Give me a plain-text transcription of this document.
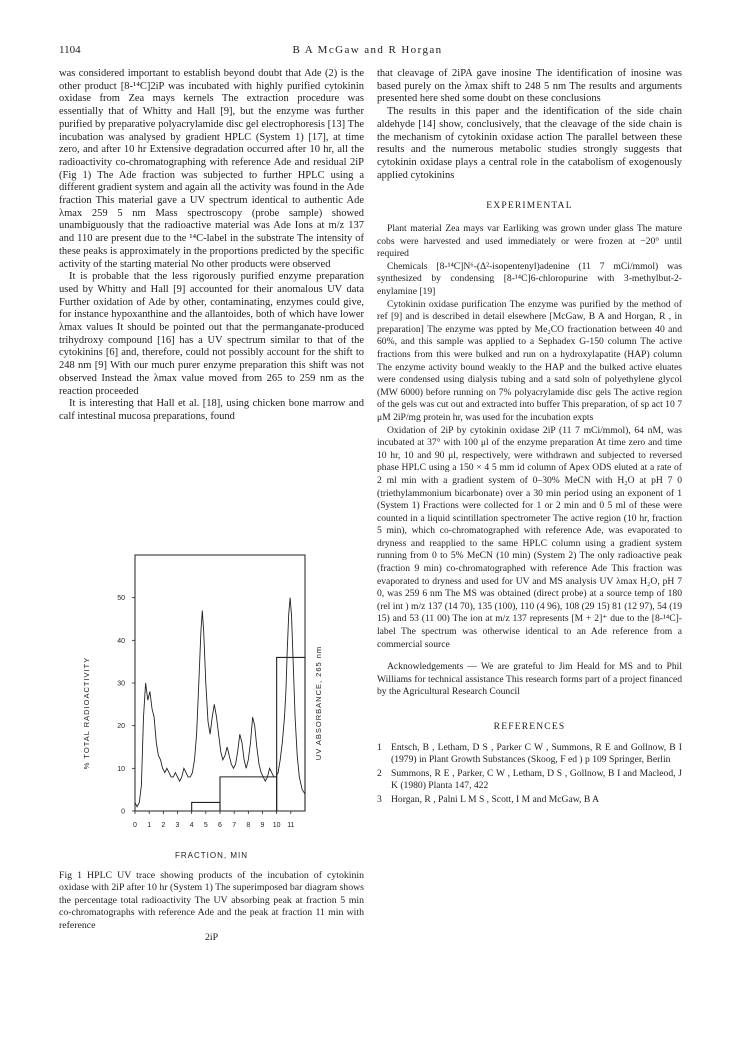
1104	B A McGaw and R Horgan

was considered important to establish beyond doubt that Ade (2) is the other product [8-¹⁴C]2iP was incubated with highly purified cytokinin oxidase from Zea mays kernels The extraction procedure was essentially that of Whitty and Hall [9], but the enzyme was further purified by preparative polyacrylamide disc gel electrophoresis [13] The incubation was analysed by gradient HPLC (System 1) [17], at time zero, and after 10 hr Extensive degradation occurred after 10 hr, all the radioactivity co-chromatographing with reference Ade and residual 2iP (Fig 1) The Ade fraction was subjected to further HPLC using a different gradient system and again all the activity was found in the Ade fraction This material gave a UV spectrum identical to authentic Ade λmax 259 5 nm Mass spectroscopy (probe sample) showed unambiguously that the radioactive material was Ade Ions at m/z 137 and 110 are present due to the ¹⁴C-label in the substrate The intensity of these peaks is approximately in the proportions predicted by the specific activity of the starting material No other products were observed

It is probable that the less rigorously purified enzyme preparation used by Whitty and Hall [9] accounted for their anomalous UV data Further oxidation of Ade by other, contaminating, enzymes could give, for instance hypoxanthine and the allantoides, both of which have lower λmax values It should be pointed out that the permanganate-produced trihydroxy compound [16] has a UV spectrum similar to that of the cytokinins [6] and, therefore, could not possibly account for the shift to 248 nm [9] With our much purer enzyme preparation this shift was not observed Instead the λmax value moved from 265 to 259 nm as the reaction proceeded

It is interesting that Hall et al. [18], using chicken bone marrow and calf intestinal mucosa preparations, found

0 1 2 3 4 5 6 7 8 9 10 11
0
10
20
30
40
50
% TOTAL RADIOACTIVITY	UV ABSORBANCE, 265 nm
FRACTION, MIN
Fig 1 HPLC UV trace showing products of the incubation of cytokinin oxidase with 2iP after 10 hr (System 1) The superimposed bar diagram shows the percentage total radioactivity The UV absorbing peak at fraction 5 min co-chromatographs with reference Ade and the peak at fraction 11 min with reference
2iP

that cleavage of 2iPA gave inosine The identification of inosine was based purely on the λmax shift to 248 5 nm The results and arguments presented here shed some doubt on these conclusions

The results in this paper and the identification of the side chain aldehyde [14] show, conclusively, that the cleavage of the side chain is the mechanism of cytokinin oxidase action The parallel between these results and the numerous metabolic studies strongly suggests that cytokinin oxidase plays a central role in the catabolism of exogenously applied cytokinins

EXPERIMENTAL

Plant material Zea mays var Earliking was grown under glass The mature cobs were harvested and used immediately or were frozen at −20° until required

Chemicals [8-¹⁴C]N⁶-(Δ²-isopentenyl)adenine (11 7 mCi/mmol) was synthesized by condensing [8-¹⁴C]6-chloropurine with 3-methylbut-2-enylamine [19]

Cytokinin oxidase purification The enzyme was purified by the method of ref [9] and is described in detail elsewhere [McGaw, B A and Horgan, R , in preparation] The enzyme was ppted by Me₂CO fractionation between 40 and 60%, and this sample was applied to a Sephadex G-150 column The active fractions from this were bulked and run on a hydroxylapatite (HAP) column The enzyme activity bound weakly to the HAP and the bulked active eluates were condensed using dialysis tubing and a satd soln of polyethylene glycol (MW 6000) before running on 7% polyacrylamide disc gels The active region of the gels was cut out and extracted into buffer This preparation, of sp act 10 7 μM 2iP/mg protein hr, was used for the incubation expts

Oxidation of 2iP by cytokinin oxidase 2iP (11 7 mCi/mmol), 64 nM, was incubated at 37° with 100 μl of the enzyme preparation At time zero and time 10 hr, 10 and 90 μl, respectively, were withdrawn and subjected to reversed phase HPLC using a 150 × 4 5 mm id column of Apex ODS eluted at a rate of 2 ml min with a gradient system of 0–30% MeCN with H₂O at pH 7 0 (triethylammonium bicarbonate) over a 30 min period using an exponent of 1 (System 1) Fractions were collected for 1 or 2 min and 0 5 ml of these were counted in a liquid scintillation spectrometer The active region (10 hr, fraction 5 min), which co-chromatographed with reference Ade, was evaporated to dryness and reapplied to the same HPLC column using a gradient system running from 0 to 5% MeCN (10 min) (System 2) The only radioactive peak (fraction 9 min) co-chromatographed with reference Ade This fraction was evaporated to dryness and used for UV and MS analysis UV λmax H₂O, pH 7 0, was 259 6 nm The MS was obtained (direct probe) at a source temp of 180 (rel int ) m/z 137 (14 70), 135 (100), 110 (4 96), 108 (29 15) 81 (12 97), 54 (19 15) and 53 (11 00) The ion at m/z 137 represents [M + 2]⁺ due to the [8-¹⁴C]-label The spectrum was otherwise identical to an Ade reference from a commercial source

Acknowledgements — We are grateful to Jim Heald for MS and to Phil Williams for technical assistance This research forms part of a project financed by the Agricultural Research Council

REFERENCES
1 Entsch, B , Letham, D S , Parker C W , Summons, R E and Gollnow, B I (1979) in Plant Growth Substances (Skoog, F ed ) p 109 Springer, Berlin
2 Summons, R E , Parker, C W , Letham, D S , Gollnow, B I and Macleod, J K (1980) Planta 147, 422
3 Horgan, R , Palni L M S , Scott, I M and McGaw, B A
